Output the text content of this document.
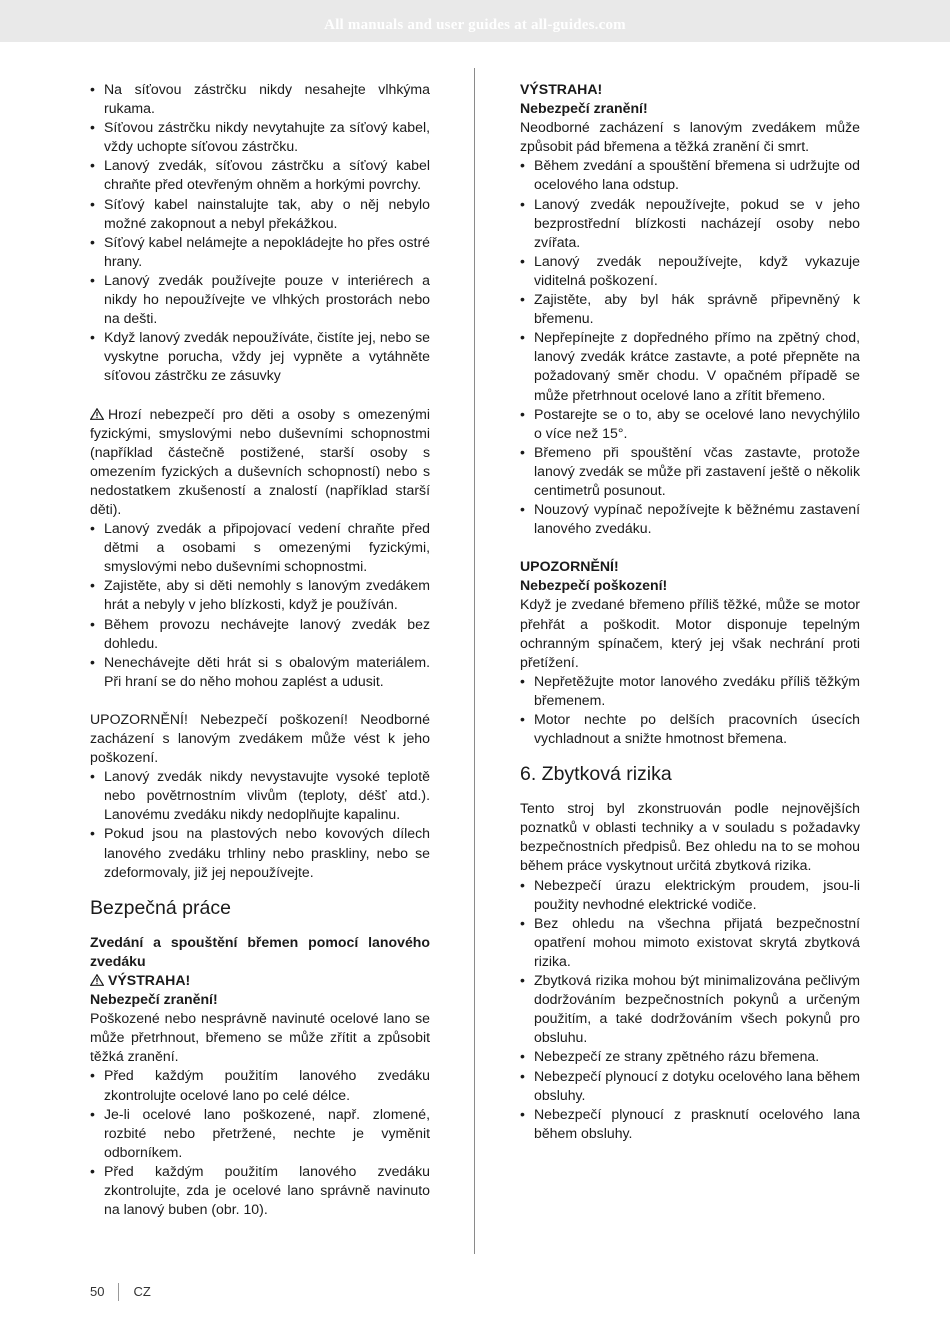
All manuals and user guides at all-guides.com
• Na síťovou zástrčku nikdy nesahejte vlhkýma rukama.
• Síťovou zástrčku nikdy nevytahujte za síťový kabel, vždy uchopte síťovou zástrčku.
• Lanový zvedák, síťovou zástrčku a síťový kabel chraňte před otevřeným ohněm a horkými povrchy.
• Síťový kabel nainstalujte tak, aby o něj nebylo možné zakopnout a nebyl překážkou.
• Síťový kabel nelámejte a nepokládejte ho přes ostré hrany.
• Lanový zvedák používejte pouze v interiérech a nikdy ho nepoužívejte ve vlhkých prostorách nebo na dešti.
• Když lanový zvedák nepoužíváte, čistíte jej, nebo se vyskytne porucha, vždy jej vypněte a vytáhněte síťovou zástrčku ze zásuvky

Hrozí nebezpečí pro děti a osoby s omezenými fyzickými, smyslovými nebo duševními schopnostmi (například částečně postižené, starší osoby s omezením fyzických a duševních schopností) nebo s nedostatkem zkušeností a znalostí (například starší děti).

• Lanový zvedák a připojovací vedení chraňte před dětmi a osobami s omezenými fyzickými, smyslovými nebo duševními schopnostmi.
• Zajistěte, aby si děti nemohly s lanovým zvedákem hrát a nebyly v jeho blízkosti, když je používán.
• Během provozu nechávejte lanový zvedák bez dohledu.
• Nenechávejte děti hrát si s obalovým materiálem. Při hraní se do něho mohou zaplést a udusit.

UPOZORNĚNÍ! Nebezpečí poškození! Neodborné zacházení s lanovým zvedákem může vést k jeho poškození.

• Lanový zvedák nikdy nevystavujte vysoké teplotě nebo povětrnostním vlivům (teploty, déšť atd.). Lanovému zvedáku nikdy nedoplňujte kapalinu.
• Pokud jsou na plastových nebo kovových dílech lanového zvedáku trhliny nebo praskliny, nebo se zdeformovaly, již jej nepoužívejte.
Bezpečná práce

Zvedání a spouštění břemen pomocí lanového zvedáku

VÝSTRAHA!

Nebezpečí zranění!

Poškozené nebo nesprávně navinuté ocelové lano se může přetrhnout, břemeno se může zřítit a způsobit těžká zranění.

• Před každým použitím lanového zvedáku zkontrolujte ocelové lano po celé délce.
• Je-li ocelové lano poškozené, např. zlomené, rozbité nebo přetržené, nechte je vyměnit odborníkem.
• Před každým použitím lanového zvedáku zkontrolujte, zda je ocelové lano správně navinuto na lanový buben (obr. 10).

VÝSTRAHA!

Nebezpečí zranění!

Neodborné zacházení s lanovým zvedákem může způsobit pád břemena a těžká zranění či smrt.

• Během zvedání a spouštění břemena si udržujte od ocelového lana odstup.
• Lanový zvedák nepoužívejte, pokud se v jeho bezprostřední blízkosti nacházejí osoby nebo zvířata.
• Lanový zvedák nepoužívejte, když vykazuje viditelná poškození.
• Zajistěte, aby byl hák správně připevněný k břemenu.
• Nepřepínejte z dopředného přímo na zpětný chod, lanový zvedák krátce zastavte, a poté přepněte na požadovaný směr chodu. V opačném případě se může přetrhnout ocelové lano a zřítit břemeno.
• Postarejte se o to, aby se ocelové lano nevychýlilo o více než 15°.
• Břemeno při spouštění včas zastavte, protože lanový zvedák se může při zastavení ještě o několik centimetrů posunout.
• Nouzový vypínač nepožívejte k běžnému zastavení lanového zvedáku.

UPOZORNĚNÍ!

Nebezpečí poškození!

Když je zvedané břemeno příliš těžké, může se motor přehřát a poškodit. Motor disponuje tepelným ochranným spínačem, který jej však nechrání proti přetížení.

• Nepřetěžujte motor lanového zvedáku příliš těžkým břemenem.
• Motor nechte po delších pracovních úsecích vychladnout a snižte hmotnost břemena.
6. Zbytková rizika

Tento stroj byl zkonstruován podle nejnovějších poznatků v oblasti techniky a v souladu s požadavky bezpečnostních předpisů. Bez ohledu na to se mohou během práce vyskytnout určitá zbytková rizika.

• Nebezpečí úrazu elektrickým proudem, jsou-li použity nevhodné elektrické vodiče.
• Bez ohledu na všechna přijatá bezpečnostní opatření mohou mimoto existovat skrytá zbytková rizika.
• Zbytková rizika mohou být minimalizována pečlivým dodržováním bezpečnostních pokynů a určeným použitím, a také dodržováním všech pokynů pro obsluhu.
• Nebezpečí ze strany zpětného rázu břemena.
• Nebezpečí plynoucí z dotyku ocelového lana během obsluhy.
• Nebezpečí plynoucí z prasknutí ocelového lana během obsluhy.
50 CZ
